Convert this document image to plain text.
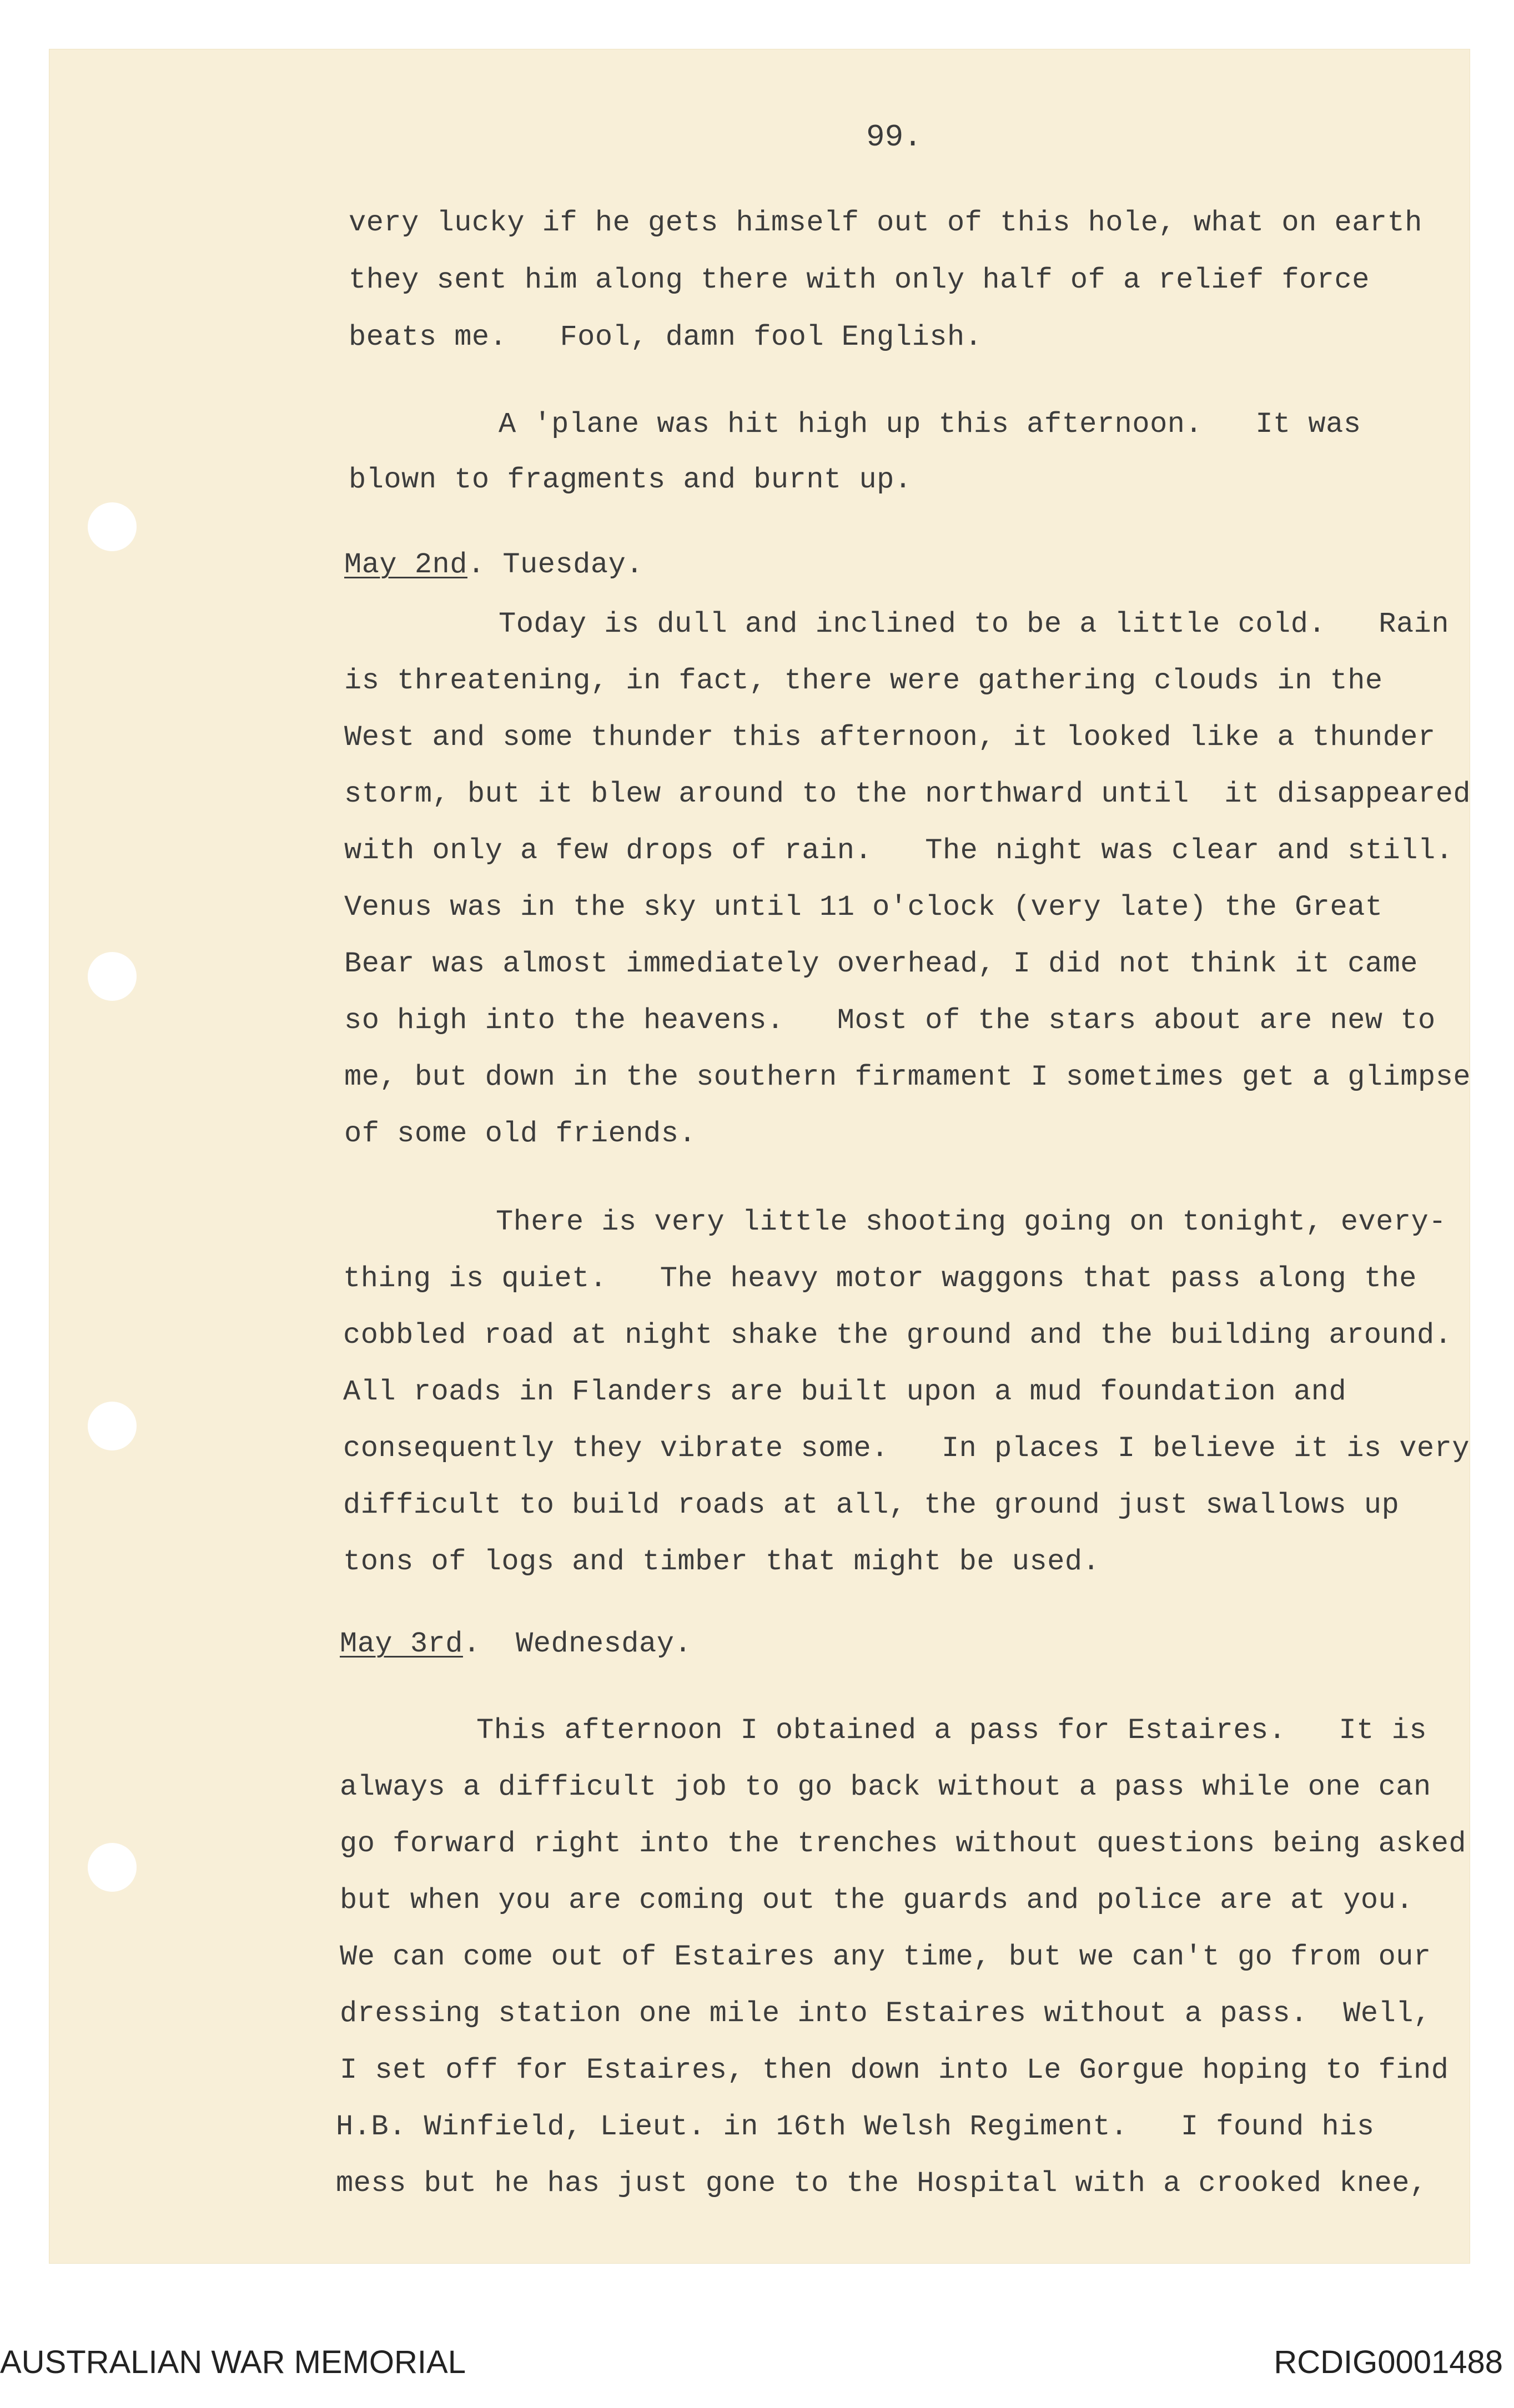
99.
very lucky if he gets himself out of this hole, what on earth
they sent him along there with only half of a relief force
beats me.   Fool, damn fool English.
A 'plane was hit high up this afternoon.   It was
blown to fragments and burnt up.
May 2nd. Tuesday.
Today is dull and inclined to be a little cold.   Rain
is threatening, in fact, there were gathering clouds in the
West and some thunder this afternoon, it looked like a thunder
storm, but it blew around to the northward until  it disappeared
with only a few drops of rain.   The night was clear and still.
Venus was in the sky until 11 o'clock (very late) the Great
Bear was almost immediately overhead, I did not think it came
so high into the heavens.   Most of the stars about are new to
me, but down in the southern firmament I sometimes get a glimpse
of some old friends.
There is very little shooting going on tonight, every-
thing is quiet.   The heavy motor waggons that pass along the
cobbled road at night shake the ground and the building around.
All roads in Flanders are built upon a mud foundation and
consequently they vibrate some.   In places I believe it is very
difficult to build roads at all, the ground just swallows up
tons of logs and timber that might be used.
May 3rd.  Wednesday.
This afternoon I obtained a pass for Estaires.   It is
always a difficult job to go back without a pass while one can
go forward right into the trenches without questions being asked
but when you are coming out the guards and police are at you.
We can come out of Estaires any time, but we can't go from our
dressing station one mile into Estaires without a pass.  Well,
I set off for Estaires, then down into Le Gorgue hoping to find
H.B. Winfield, Lieut. in 16th Welsh Regiment.   I found his
mess but he has just gone to the Hospital with a crooked knee,
AUSTRALIAN WAR MEMORIAL	RCDIG0001488
